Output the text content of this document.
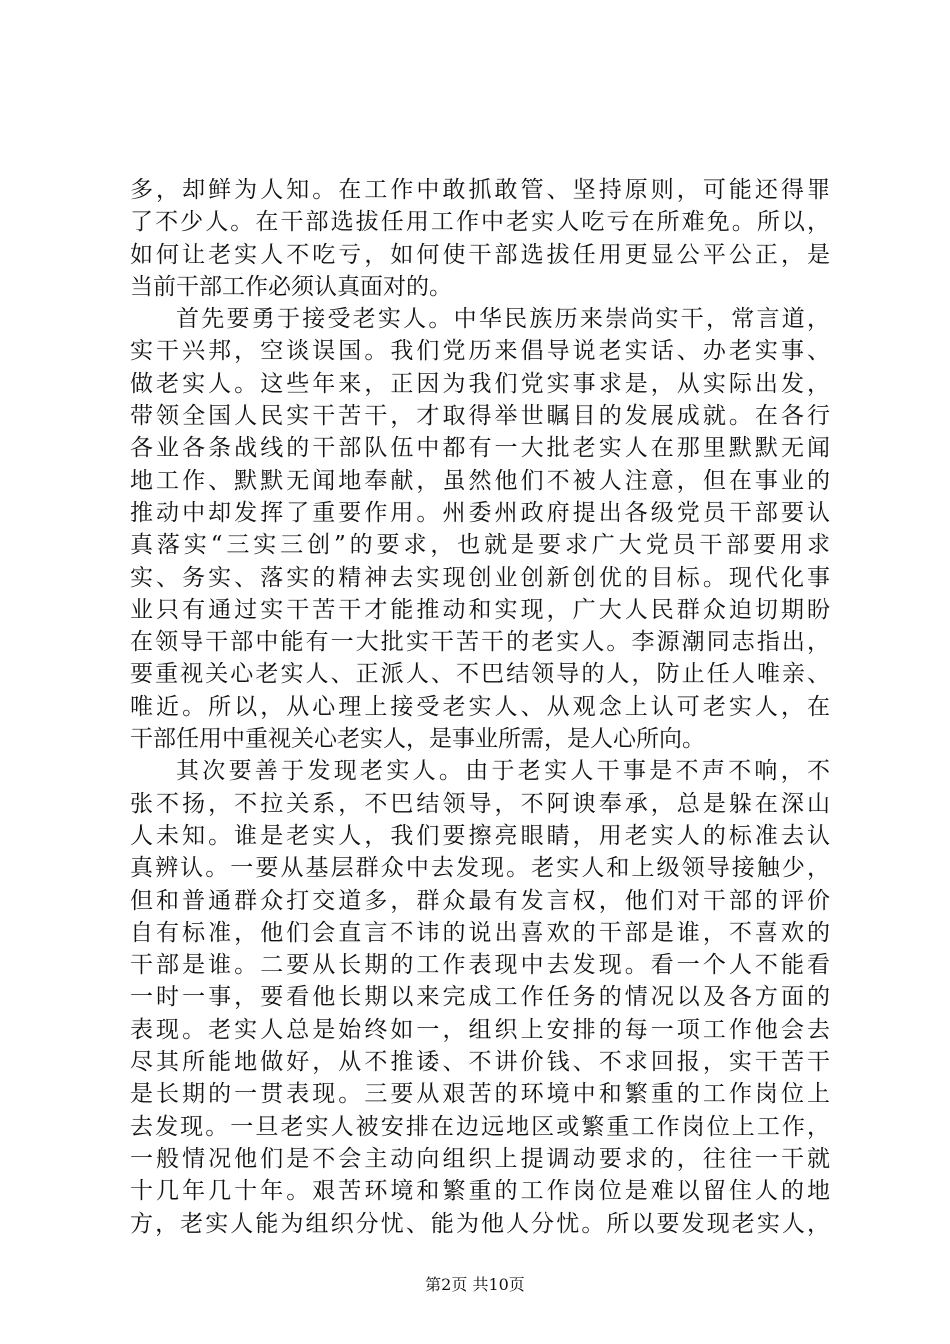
多，却鲜为人知。在工作中敢抓敢管、坚持原则，可能还得罪
了不少人。在干部选拔任用工作中老实人吃亏在所难免。所以，
如何让老实人不吃亏，如何使干部选拔任用更显公平公正，是
当前干部工作必须认真面对的。
首先要勇于接受老实人。中华民族历来崇尚实干，常言道，
实干兴邦，空谈误国。我们党历来倡导说老实话、办老实事、
做老实人。这些年来，正因为我们党实事求是，从实际出发，
带领全国人民实干苦干，才取得举世瞩目的发展成就。在各行
各业各条战线的干部队伍中都有一大批老实人在那里默默无闻
地工作、默默无闻地奉献，虽然他们不被人注意，但在事业的
推动中却发挥了重要作用。州委州政府提出各级党员干部要认
真落实“三实三创”的要求，也就是要求广大党员干部要用求
实、务实、落实的精神去实现创业创新创优的目标。现代化事
业只有通过实干苦干才能推动和实现，广大人民群众迫切期盼
在领导干部中能有一大批实干苦干的老实人。李源潮同志指出，
要重视关心老实人、正派人、不巴结领导的人，防止任人唯亲、
唯近。所以，从心理上接受老实人、从观念上认可老实人，在
干部任用中重视关心老实人，是事业所需，是人心所向。
其次要善于发现老实人。由于老实人干事是不声不响，不
张不扬，不拉关系，不巴结领导，不阿谀奉承，总是躲在深山
人未知。谁是老实人，我们要擦亮眼睛，用老实人的标准去认
真辨认。一要从基层群众中去发现。老实人和上级领导接触少，
但和普通群众打交道多，群众最有发言权，他们对干部的评价
自有标准，他们会直言不讳的说出喜欢的干部是谁，不喜欢的
干部是谁。二要从长期的工作表现中去发现。看一个人不能看
一时一事，要看他长期以来完成工作任务的情况以及各方面的
表现。老实人总是始终如一，组织上安排的每一项工作他会去
尽其所能地做好，从不推诿、不讲价钱、不求回报，实干苦干
是长期的一贯表现。三要从艰苦的环境中和繁重的工作岗位上
去发现。一旦老实人被安排在边远地区或繁重工作岗位上工作，
一般情况他们是不会主动向组织上提调动要求的，往往一干就
十几年几十年。艰苦环境和繁重的工作岗位是难以留住人的地
方，老实人能为组织分忧、能为他人分忧。所以要发现老实人，
第2页 共10页
